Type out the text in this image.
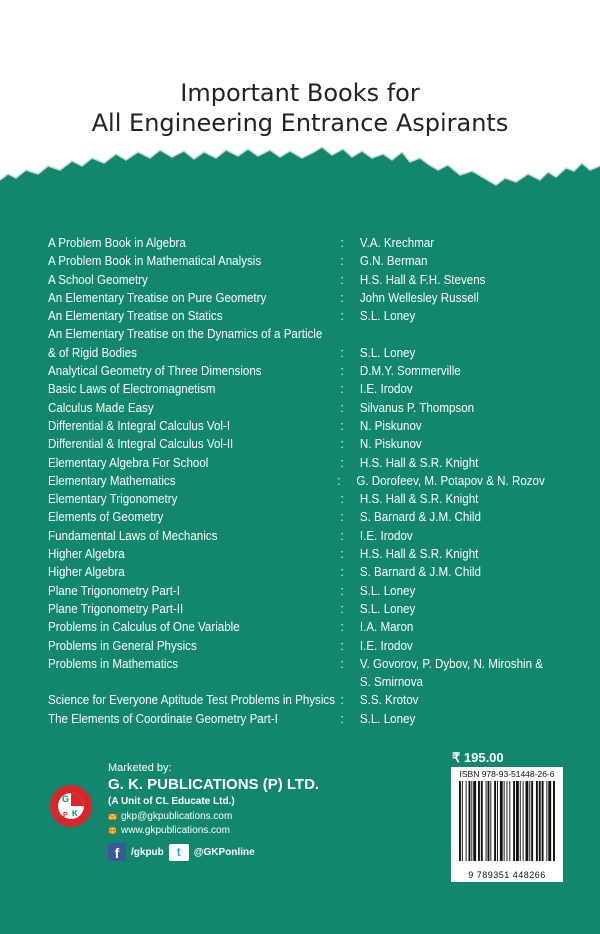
Important Books for
All Engineering Entrance Aspirants
A Problem Book in Algebra	:	V.A. Krechmar
A Problem Book in Mathematical Analysis	:	G.N. Berman
A School Geometry	:	H.S. Hall & F.H. Stevens
An Elementary Treatise on Pure Geometry	:	John Wellesley Russell
An Elementary Treatise on Statics	:	S.L. Loney
An Elementary Treatise on the Dynamics of a Particle
& of Rigid Bodies	:	S.L. Loney
Analytical Geometry of Three Dimensions	:	D.M.Y. Sommerville
Basic Laws of Electromagnetism	:	I.E. Irodov
Calculus Made Easy	:	Silvanus P. Thompson
Differential & Integral Calculus Vol-I	:	N. Piskunov
Differential & Integral Calculus Vol-II	:	N. Piskunov
Elementary Algebra For School	:	H.S. Hall & S.R. Knight
Elementary Mathematics	:	G. Dorofeev, M. Potapov & N. Rozov
Elementary Trigonometry	:	H.S. Hall & S.R. Knight
Elements of Geometry	:	S. Barnard & J.M. Child
Fundamental Laws of Mechanics	:	I.E. Irodov
Higher Algebra	:	H.S. Hall & S.R. Knight
Higher Algebra	:	S. Barnard & J.M. Child
Plane Trigonometry Part-I	:	S.L. Loney
Plane Trigonometry Part-II	:	S.L. Loney
Problems in Calculus of One Variable	:	I.A. Maron
Problems in General Physics	:	I.E. Irodov
Problems in Mathematics	:	V. Govorov, P. Dybov, N. Miroshin &
S. Smirnova
Science for Everyone Aptitude Test Problems in Physics :	S.S. Krotov
The Elements of Coordinate Geometry Part-I	:	S.L. Loney
Marketed by:
G
K
P
G. K. PUBLICATIONS (P) LTD.
(A Unit of CL Educate Ltd.)
gkp@gkpublications.com
www.gkpublications.com
f	/gkpub	t	@GKPonline
₹ 195.00
ISBN 978-93-51448-26-6
9 789351 448266
